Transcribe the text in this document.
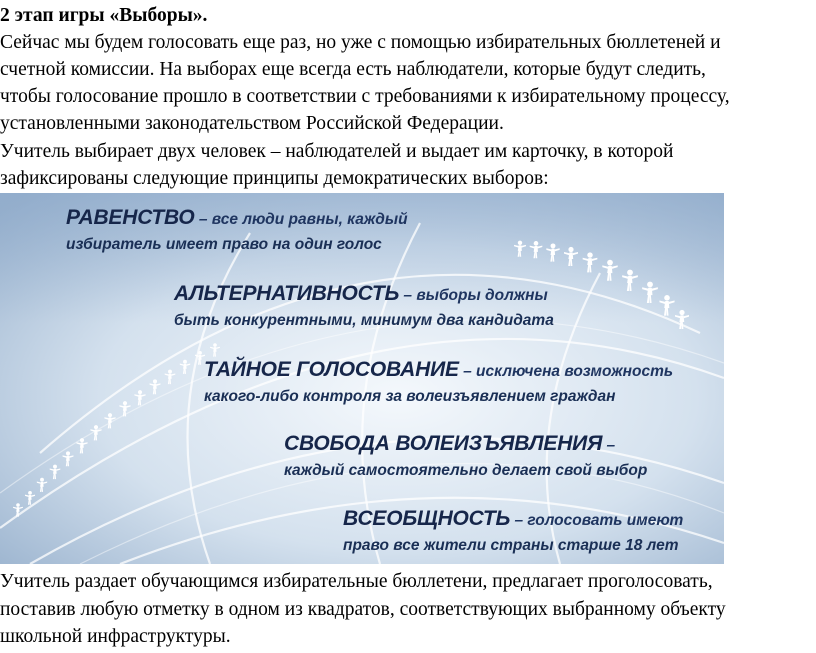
2 этап игры «Выборы».

Сейчас мы будем голосовать еще раз, но уже с помощью избирательных бюллетеней и

счетной комиссии. На выборах еще всегда есть наблюдатели, которые будут следить,

чтобы голосование прошло в соответствии с требованиями к избирательному процессу,

установленными законодательством Российской Федерации.

Учитель выбирает двух человек – наблюдателей и выдает им карточку, в которой

зафиксированы следующие принципы демократических выборов:

РАВЕНСТВО – все люди равны, каждый
избиратель имеет право на один голос
АЛЬТЕРНАТИВНОСТЬ – выборы должны
быть конкурентными, минимум два кандидата
ТАЙНОЕ ГОЛОСОВАНИЕ – исключена возможность
какого-либо контроля за волеизъявлением граждан
СВОБОДА ВОЛЕИЗЪЯВЛЕНИЯ –
каждый самостоятельно делает свой выбор
ВСЕОБЩНОСТЬ – голосовать имеют
право все жители страны старше 18 лет

Учитель раздает обучающимся избирательные бюллетени, предлагает проголосовать,

поставив любую отметку в одном из квадратов, соответствующих выбранному объекту

школьной инфраструктуры.
